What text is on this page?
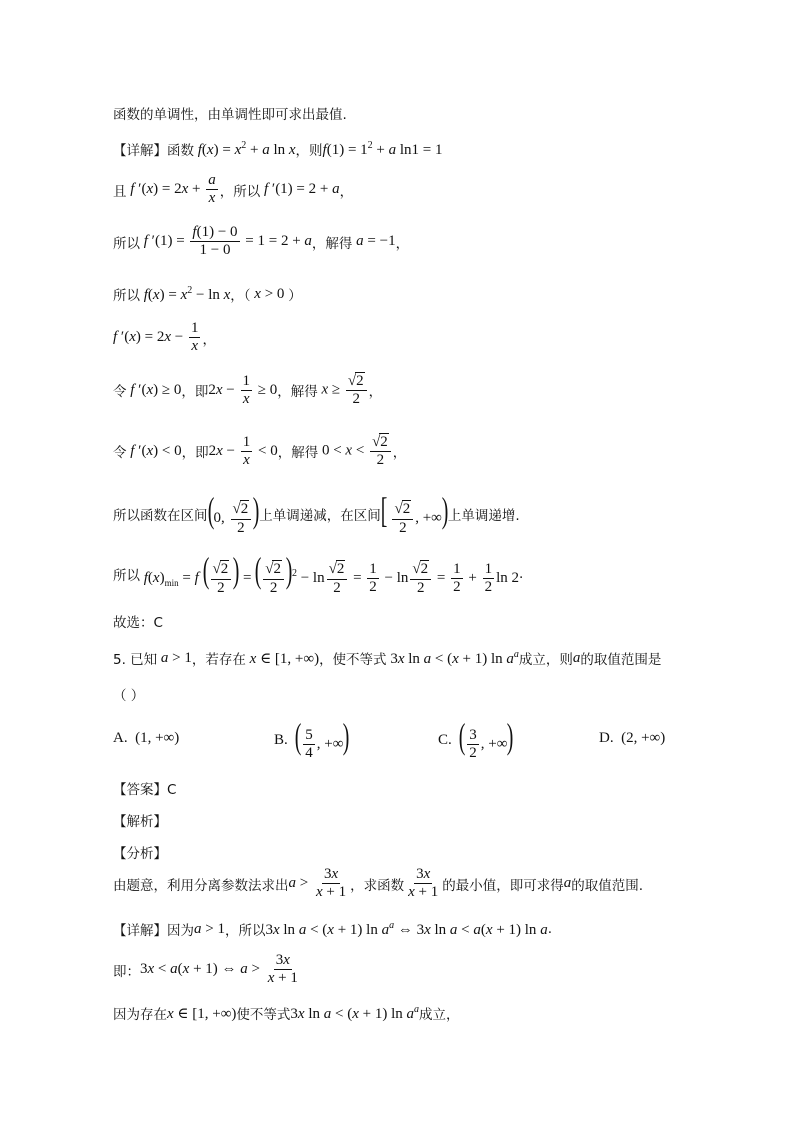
函数的单调性，由单调性即可求出最值.
【详解】 函数 $f(x) = x^2 + a$ ln x ，则 $f(1) = 1^2 + a$ ln1 = 1
且 f $'(x) = 2x + \frac{a}{x}$ ， 所以 f ′(1) = 2 + a ，
所以 f $'(1) = \frac{f(1) - 0}{1 - 0} = 1 = 2 + a$ ，解得 a = −1 ，
所以 $f(x) = x^2 - \ln x$ ，（ x > 0 ）
f $'(x) = 2x - \frac{1}{x}$ ，
令 f ′(x) ≥ 0 ，即 $2x - \frac{1}{x} \ge 0$ ，解得 $x \ge \frac{√ 2}{2}$ ，
令 f ′(x) < 0 ，即 $2x - \frac{1}{x} < 0$ ，解得 $0 < x < \frac{√ 2}{2}$ ，
所以函数在区间 (0, $\frac{√ 2}{2}$ ) 上单调递减，在区间 [ $\frac{√ 2}{2}$ , +∞) 上单调递增.
所以 $f(x)_{min} = f$ ( $\frac{√ 2}{2}$ ) = ( $\frac{√ 2}{2} )^2 - \ln \frac{√ 2}{2} = \frac{1}{2} - \ln \frac{√ 2}{2} = \frac{1}{2} + \frac{1}{2}$ ln 2 .
故选：C
5. 已知 a > 1 ，若存在 x ∈ [1, +∞) ，使不等式 3x ln a < (x + 1) $\ln a^a$ 成立，则 a 的取值范围是
（ ）
A. (1, +∞)	B. ( $\frac{5}{4}$ , +∞)	C. ( $\frac{3}{2}$ , +∞)	D. (2, +∞)
【答案】C
【解析】
【分析】
由题意，利用分离参数法求出 $a > \frac{3x}{x + 1}$ ，求函数 $\frac{3x}{x + 1}$ 的最小值，即可求得 a 的取值范围.
【详解】 因为 a > 1 ，所以 3x ln a < (x + 1) $\ln a^a$ ⇔ 3x ln a < a(x + 1) ln a .
即： 3x < a(x + 1) ⇔ $a > \frac{3x}{x + 1}$
因为存在 x ∈ [1, +∞) 使不等式 3x ln a < (x + 1) $\ln a^a$ 成立，
